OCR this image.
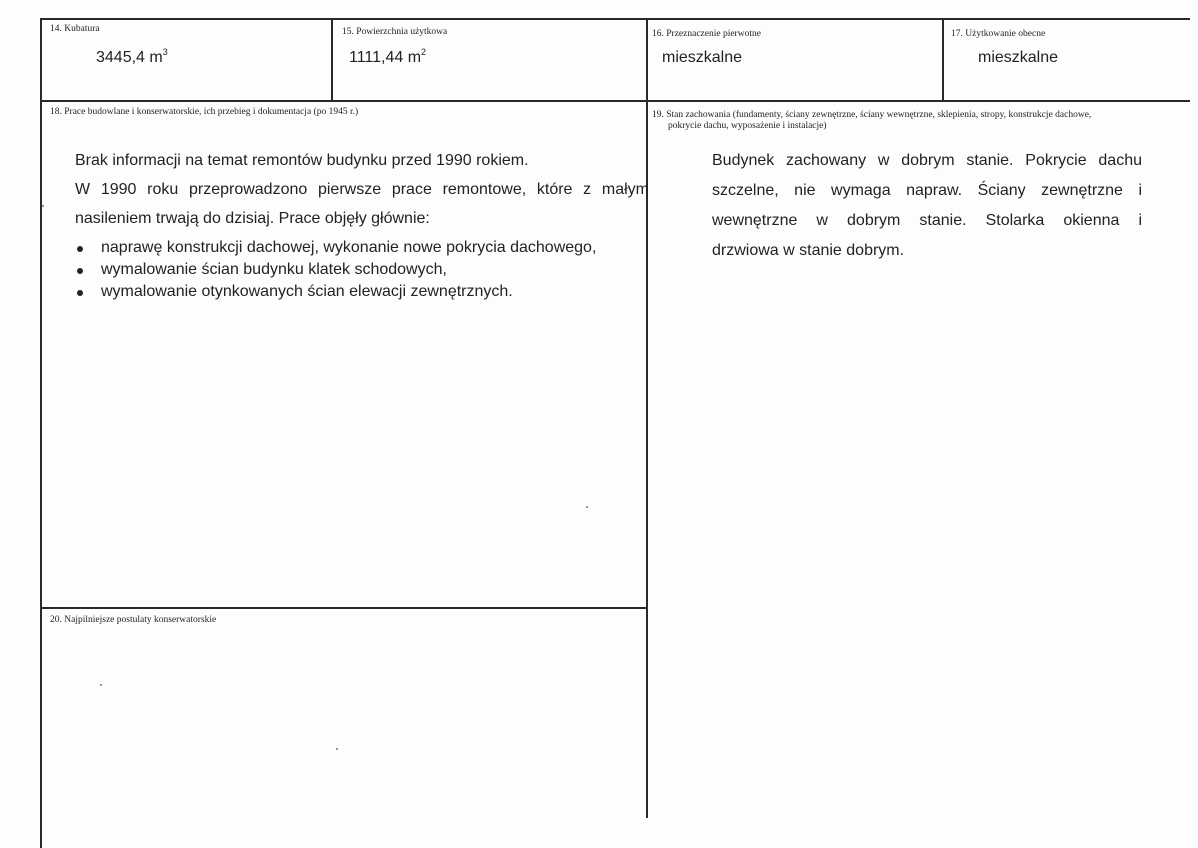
14. Kubatura
3445,4 $m^3$
15. Powierzchnia użytkowa
1111,44 $m^2$
16. Przeznaczenie pierwotne
mieszkalne
17. Użytkowanie obecne
mieszkalne
18. Prace budowlane i konserwatorskie, ich przebieg i dokumentacja (po 1945 r.)
Brak informacji na temat remontów budynku przed 1990 rokiem.
W 1990 roku przeprowadzono pierwsze prace remontowe, które z małym
nasileniem trwają do dzisiaj. Prace objęły głównie:
naprawę konstrukcji dachowej, wykonanie nowe pokrycia dachowego,
wymalowanie ścian budynku klatek schodowych,
wymalowanie otynkowanych ścian elewacji zewnętrznych.
19. Stan zachowania (fundamenty, ściany zewnętrzne, ściany wewnętrzne, sklepienia, stropy, konstrukcje dachowe,
pokrycie dachu, wyposażenie i instalacje)
Budynek zachowany w dobrym stanie. Pokrycie dachu
szczelne, nie wymaga napraw. Ściany zewnętrzne i
wewnętrzne w dobrym stanie. Stolarka okienna i
drzwiowa w stanie dobrym.
20. Najpilniejsze postulaty konserwatorskie
